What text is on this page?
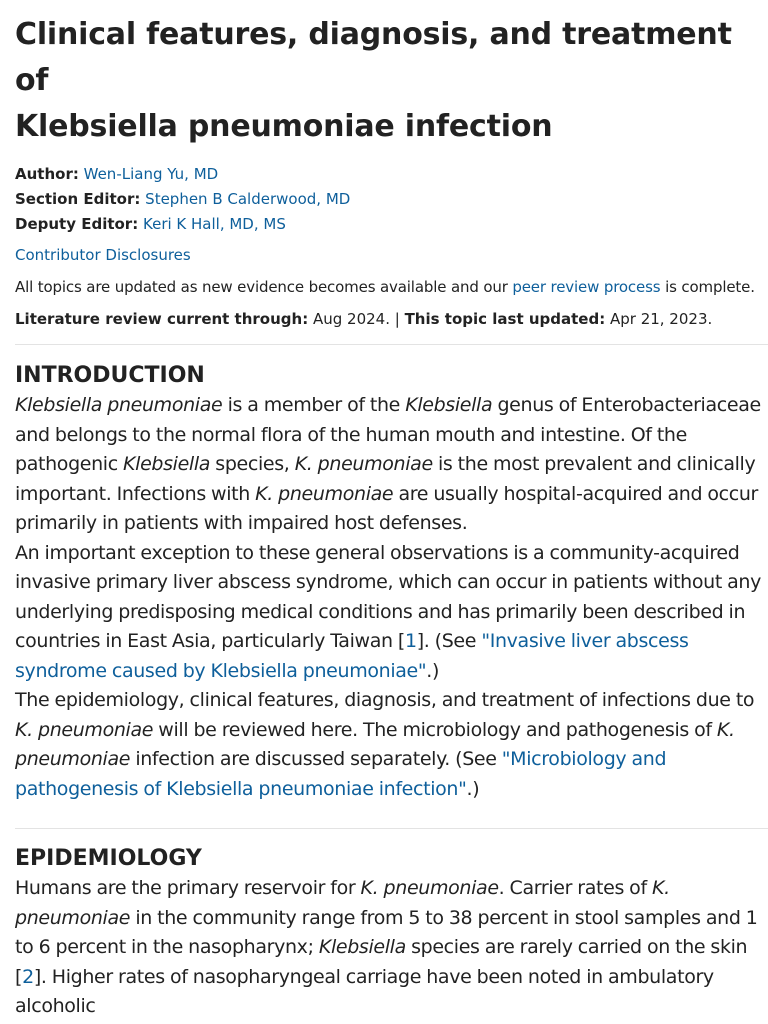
Clinical features, diagnosis, and treatment of
Klebsiella pneumoniae infection
Author: Wen-Liang Yu, MD
Section Editor: Stephen B Calderwood, MD
Deputy Editor: Keri K Hall, MD, MS
Contributor Disclosures
All topics are updated as new evidence becomes available and our peer review process is complete.
Literature review current through: Aug 2024. | This topic last updated: Apr 21, 2023.
INTRODUCTION

Klebsiella pneumoniae is a member of the Klebsiella genus of Enterobacteriaceae and belongs to the normal flora of the human mouth and intestine. Of the pathogenic Klebsiella species, K. pneumoniae is the most prevalent and clinically important. Infections with K. pneumoniae are usually hospital-acquired and occur primarily in patients with impaired host defenses.

An important exception to these general observations is a community-acquired invasive primary liver abscess syndrome, which can occur in patients without any underlying predisposing medical conditions and has primarily been described in countries in East Asia, particularly Taiwan [1]. (See "Invasive liver abscess syndrome caused by Klebsiella pneumoniae".)

The epidemiology, clinical features, diagnosis, and treatment of infections due to K. pneumoniae will be reviewed here. The microbiology and pathogenesis of K. pneumoniae infection are discussed separately. (See "Microbiology and pathogenesis of Klebsiella pneumoniae infection".)

EPIDEMIOLOGY

Humans are the primary reservoir for K. pneumoniae. Carrier rates of K. pneumoniae in the community range from 5 to 38 percent in stool samples and 1 to 6 percent in the nasopharynx; Klebsiella species are rarely carried on the skin [2]. Higher rates of nasopharyngeal carriage have been noted in ambulatory alcoholic
